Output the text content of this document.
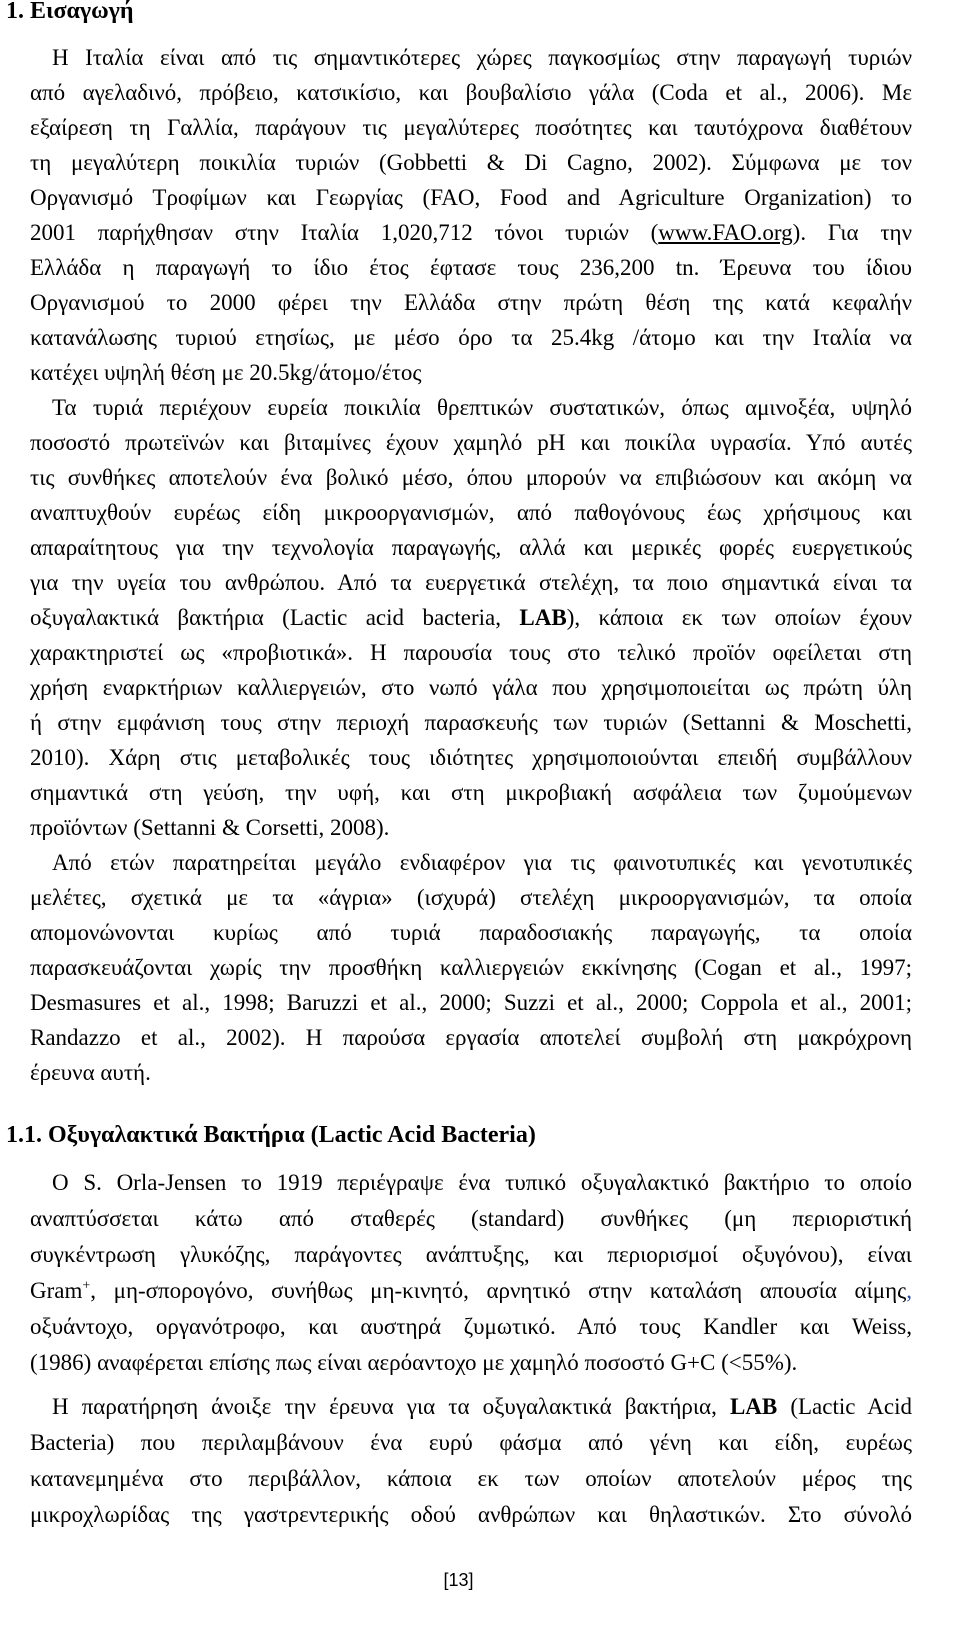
1. Εισαγωγή
Η Ιταλία είναι από τις σημαντικότερες χώρες παγκοσμίως στην παραγωγή τυριών
από αγελαδινό, πρόβειο, κατσικίσιο, και βουβαλίσιο γάλα (Coda et al., 2006). Με
εξαίρεση τη Γαλλία, παράγουν τις μεγαλύτερες ποσότητες και ταυτόχρονα διαθέτουν
τη μεγαλύτερη ποικιλία τυριών (Gobbetti & Di Cagno, 2002). Σύμφωνα με τον
Οργανισμό Τροφίμων και Γεωργίας (FAO, Food and Agriculture Organization) το
2001 παρήχθησαν στην Ιταλία 1,020,712 τόνοι τυριών (www.FAO.org). Για την
Ελλάδα η παραγωγή το ίδιο έτος έφτασε τους 236,200 tn. Έρευνα του ίδιου
Οργανισμού το 2000 φέρει την Ελλάδα στην πρώτη θέση της κατά κεφαλήν
κατανάλωσης τυριού ετησίως, με μέσο όρο τα 25.4kg /άτομο και την Ιταλία να
κατέχει υψηλή θέση με 20.5kg/άτομο/έτος
Τα τυριά περιέχουν ευρεία ποικιλία θρεπτικών συστατικών, όπως αμινοξέα, υψηλό
ποσοστό πρωτεϊνών και βιταμίνες έχουν χαμηλό pH και ποικίλα υγρασία. Υπό αυτές
τις συνθήκες αποτελούν ένα βολικό μέσο, όπου μπορούν να επιβιώσουν και ακόμη να
αναπτυχθούν ευρέως είδη μικροοργανισμών, από παθογόνους έως χρήσιμους και
απαραίτητους για την τεχνολογία παραγωγής, αλλά και μερικές φορές ευεργετικούς
για την υγεία του ανθρώπου. Από τα ευεργετικά στελέχη, τα ποιο σημαντικά είναι τα
οξυγαλακτικά βακτήρια (Lactic acid bacteria, LAB), κάποια εκ των οποίων έχουν
χαρακτηριστεί ως «προβιοτικά». Η παρουσία τους στο τελικό προϊόν οφείλεται στη
χρήση εναρκτήριων καλλιεργειών, στο νωπό γάλα που χρησιμοποιείται ως πρώτη ύλη
ή στην εμφάνιση τους στην περιοχή παρασκευής των τυριών (Settanni & Moschetti,
2010). Χάρη στις μεταβολικές τους ιδιότητες χρησιμοποιούνται επειδή συμβάλλουν
σημαντικά στη γεύση, την υφή, και στη μικροβιακή ασφάλεια των ζυμούμενων
προϊόντων (Settanni & Corsetti, 2008).
Από ετών παρατηρείται μεγάλο ενδιαφέρον για τις φαινοτυπικές και γενοτυπικές
μελέτες, σχετικά με τα «άγρια» (ισχυρά) στελέχη μικροοργανισμών, τα οποία
απομονώνονται κυρίως από τυριά παραδοσιακής παραγωγής, τα οποία
παρασκευάζονται χωρίς την προσθήκη καλλιεργειών εκκίνησης (Cogan et al., 1997;
Desmasures et al., 1998; Baruzzi et al., 2000; Suzzi et al., 2000; Coppola et al., 2001;
Randazzo et al., 2002). Η παρούσα εργασία αποτελεί συμβολή στη μακρόχρονη
έρευνα αυτή.
1.1. Οξυγαλακτικά Βακτήρια (Lactic Acid Bacteria)
Ο S. Orla-Jensen το 1919 περιέγραψε ένα τυπικό οξυγαλακτικό βακτήριο το οποίο
αναπτύσσεται κάτω από σταθερές (standard) συνθήκες (μη περιοριστική
συγκέντρωση γλυκόζης, παράγοντες ανάπτυξης, και περιορισμοί οξυγόνου), είναι
Gram+, μη-σπορογόνο, συνήθως μη-κινητό, αρνητικό στην καταλάση απουσία αίμης,
οξυάντοχο, οργανότροφο, και αυστηρά ζυμωτικό. Από τους Kandler και Weiss,
(1986) αναφέρεται επίσης πως είναι αερόαντοχο με χαμηλό ποσοστό G+C (<55%).
Η παρατήρηση άνοιξε την έρευνα για τα οξυγαλακτικά βακτήρια, LAB (Lactic Acid
Bacteria) που περιλαμβάνουν ένα ευρύ φάσμα από γένη και είδη, ευρέως
κατανεμημένα στο περιβάλλον, κάποια εκ των οποίων αποτελούν μέρος της
μικροχλωρίδας της γαστρεντερικής οδού ανθρώπων και θηλαστικών. Στο σύνολό
[13]
